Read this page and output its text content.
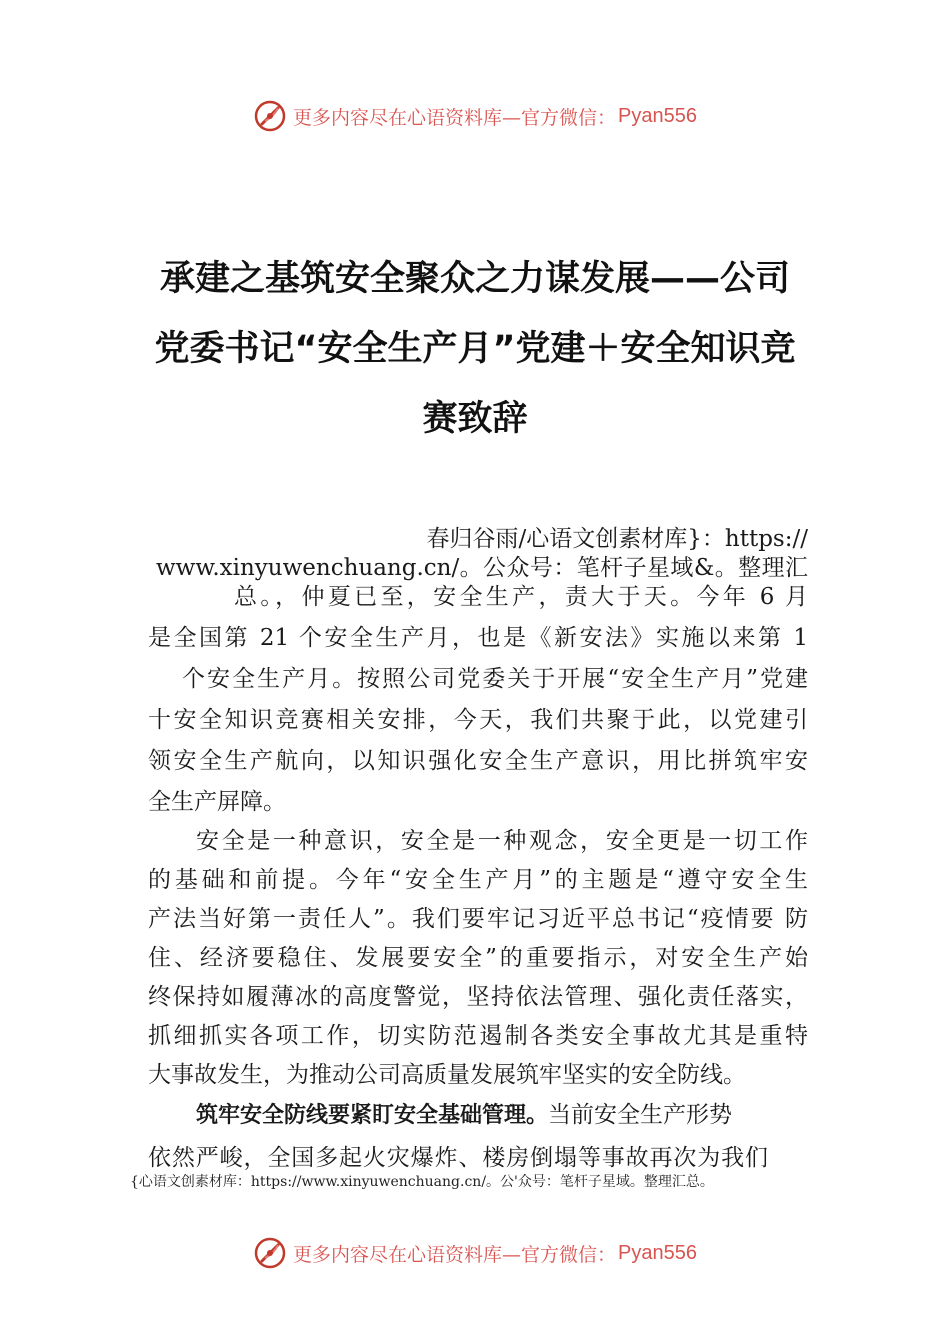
更多内容尽在心语资料库—官方微信： Pyan556
承建之基筑安全聚众之力谋发展——公司
党委书记“安全生产月”党建＋安全知识竞
赛致辞
春归谷雨/心语文创素材库}：https://
www.xinyuwenchuang.cn/。公众号：笔杆子星域&。整理汇
总。，仲夏已至，安全生产，责大于天。今年 6 月
是全国第 21 个安全生产月，也是《新安法》实施以来第 1
个安全生产月。按照公司党委关于开展“安全生产月”党建
十安全知识竞赛相关安排，今天，我们共聚于此，以党建引
领安全生产航向，以知识强化安全生产意识，用比拼筑牢安
全生产屏障。
安全是一种意识，安全是一种观念，安全更是一切工作
的基础和前提。今年“安全生产月”的主题是“遵守安全生
产法当好第一责任人”。我们要牢记习近平总书记“疫情要 防
住、经济要稳住、发展要安全”的重要指示，对安全生产始
终保持如履薄冰的高度警觉，坚持依法管理、强化责任落实，
抓细抓实各项工作，切实防范遏制各类安全事故尤其是重特
大事故发生，为推动公司高质量发展筑牢坚实的安全防线。
筑牢安全防线要紧盯安全基础管理。当前安全生产形势
依然严峻，全国多起火灾爆炸、楼房倒塌等事故再次为我们
{心语文创素材库：https://www.xinyuwenchuang.cn/。公'众号：笔杆子星域。整理汇总。
更多内容尽在心语资料库—官方微信： Pyan556
